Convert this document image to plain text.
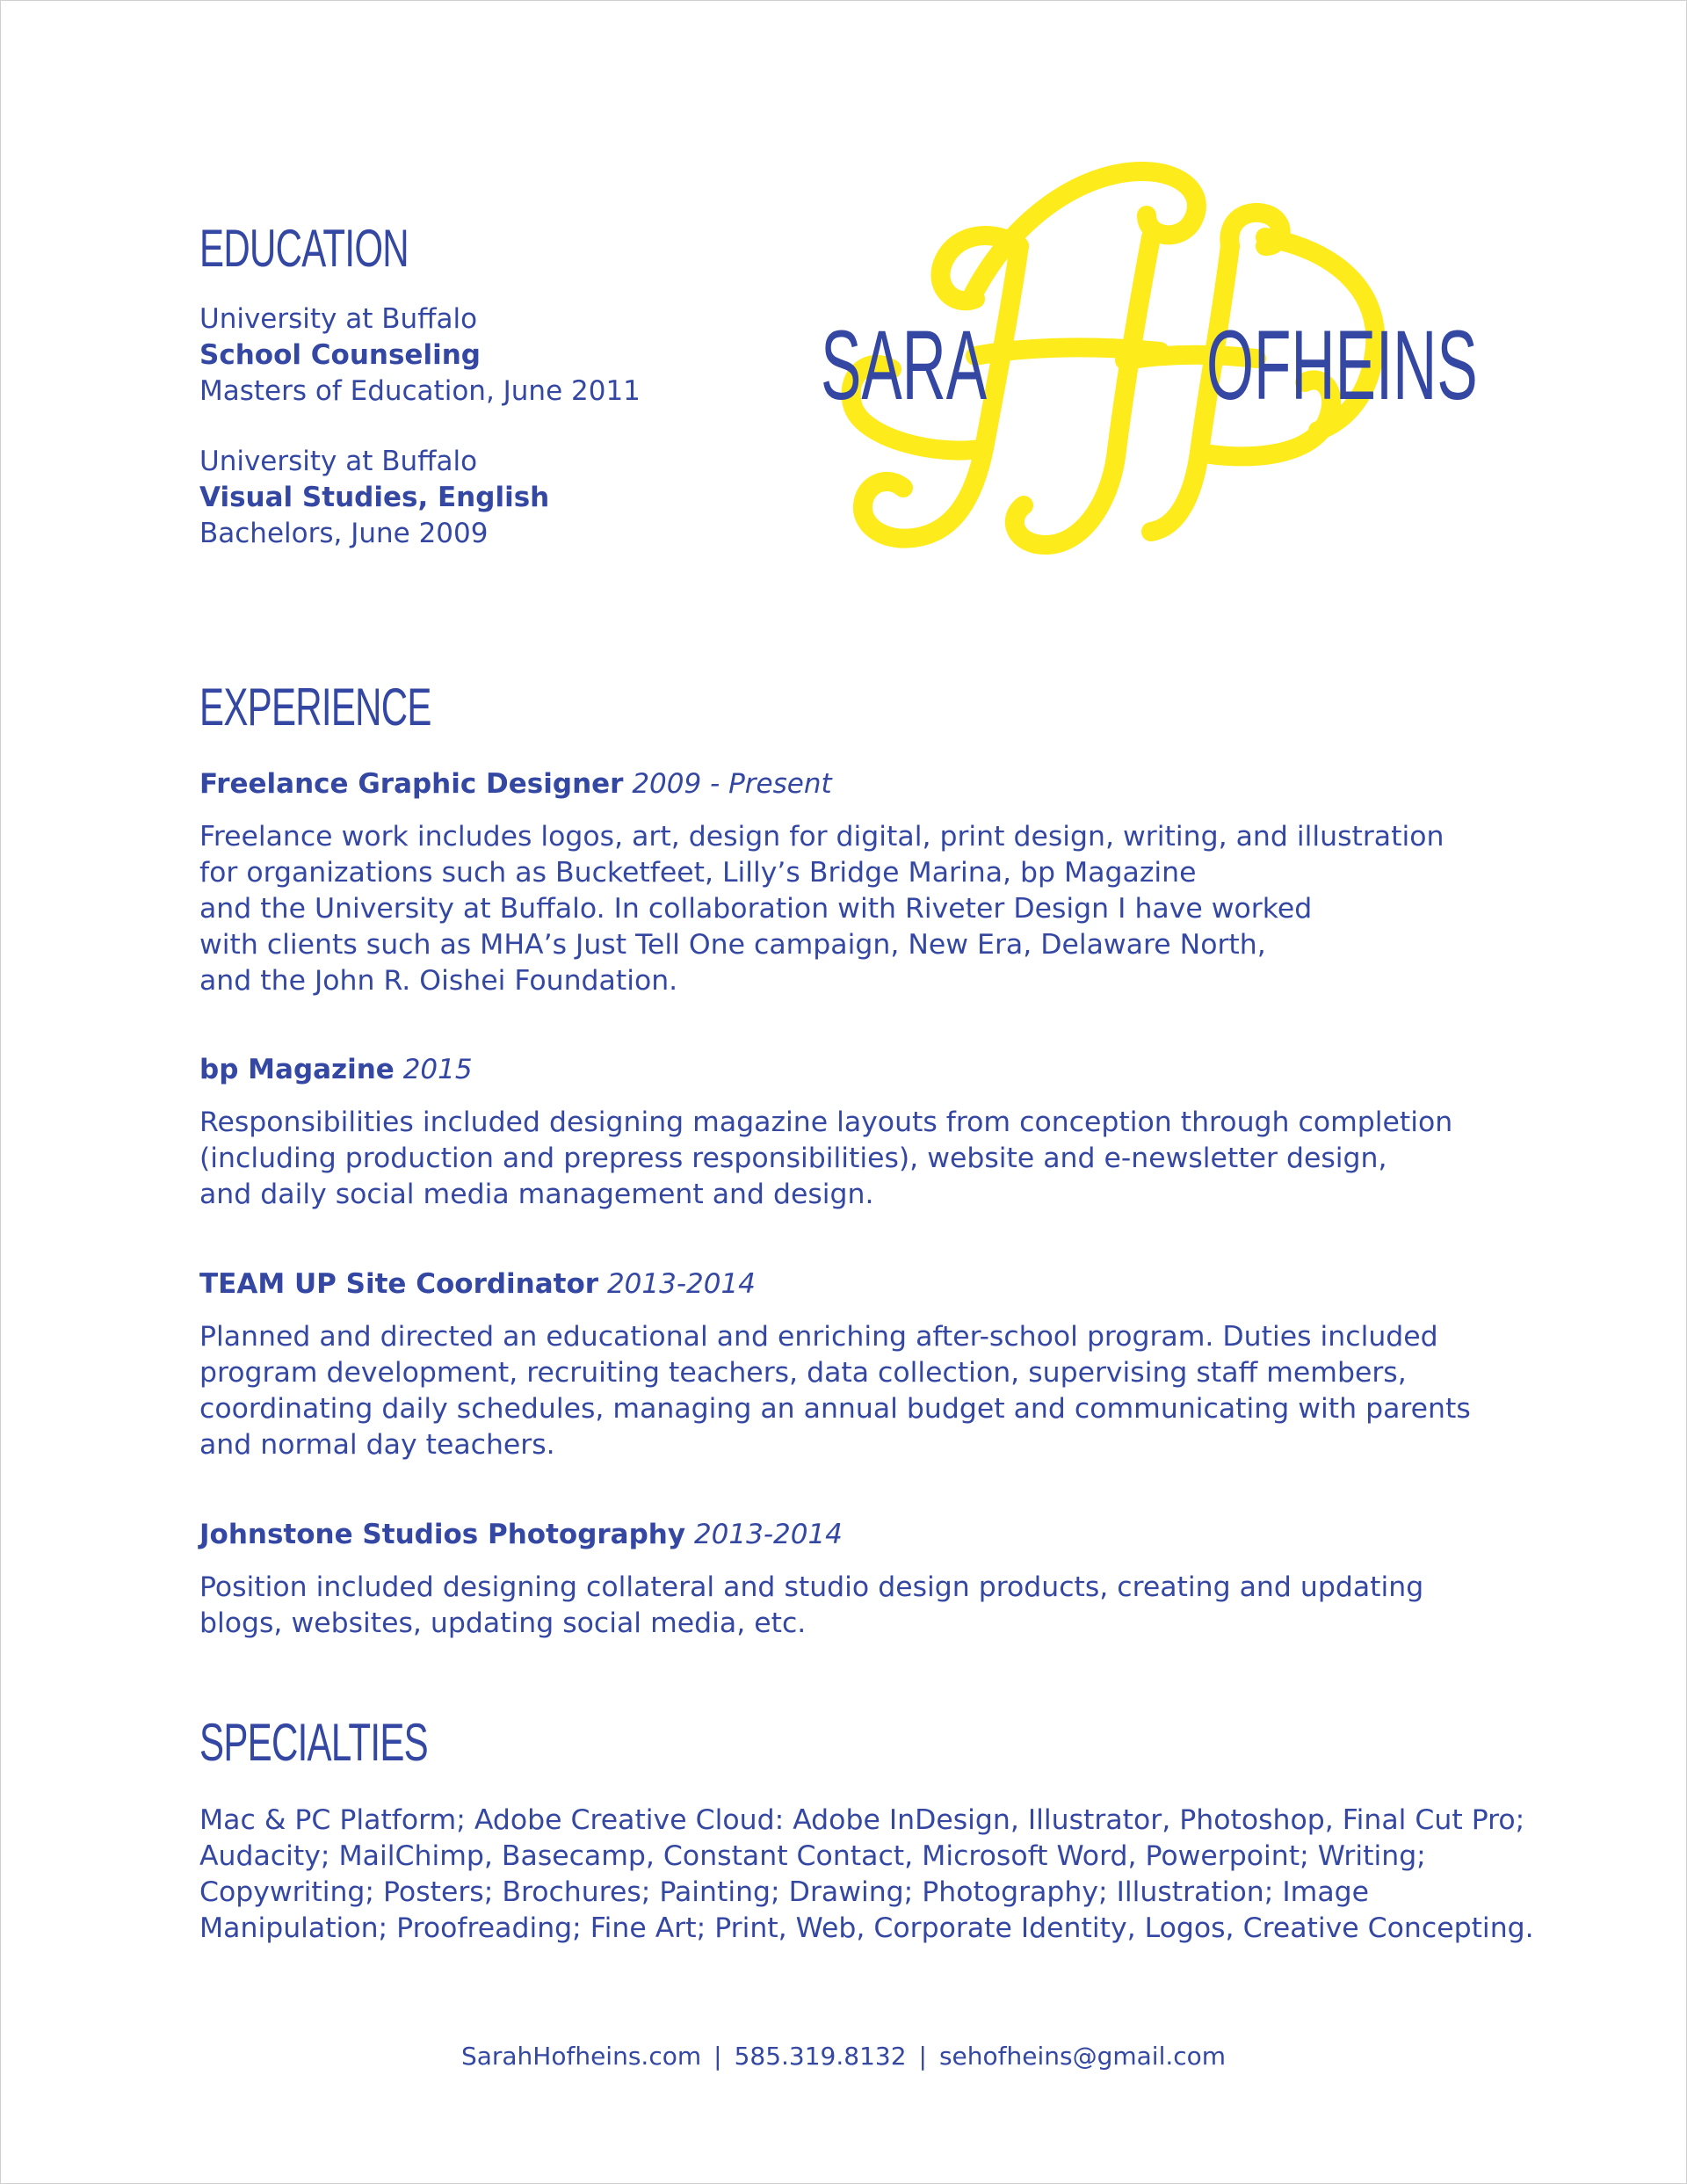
SARA OFHEINS
EDUCATION
University at Buffalo
School Counseling
Masters of Education, June 2011
University at Buffalo
Visual Studies, English
Bachelors, June 2009
EXPERIENCE
Freelance Graphic Designer 2009 - Present
Freelance work includes logos, art, design for digital, print design, writing, and illustration
for organizations such as Bucketfeet, Lilly’s Bridge Marina, bp Magazine
and the University at Buffalo. In collaboration with Riveter Design I have worked
with clients such as MHA’s Just Tell One campaign, New Era, Delaware North,
and the John R. Oishei Foundation.
bp Magazine 2015
Responsibilities included designing magazine layouts from conception through completion
(including production and prepress responsibilities), website and e-newsletter design,
and daily social media management and design.
TEAM UP Site Coordinator 2013-2014
Planned and directed an educational and enriching after-school program. Duties included
program development, recruiting teachers, data collection, supervising staff members,
coordinating daily schedules, managing an annual budget and communicating with parents
and normal day teachers.
Johnstone Studios Photography 2013-2014
Position included designing collateral and studio design products, creating and updating
blogs, websites, updating social media, etc.
SPECIALTIES
Mac & PC Platform; Adobe Creative Cloud: Adobe InDesign, Illustrator, Photoshop, Final Cut Pro;
Audacity; MailChimp, Basecamp, Constant Contact, Microsoft Word, Powerpoint; Writing;
Copywriting; Posters; Brochures; Painting; Drawing; Photography; Illustration; Image
Manipulation; Proofreading; Fine Art; Print, Web, Corporate Identity, Logos, Creative Concepting.
SarahHofheins.com | 585.319.8132 | sehofheins@gmail.com
